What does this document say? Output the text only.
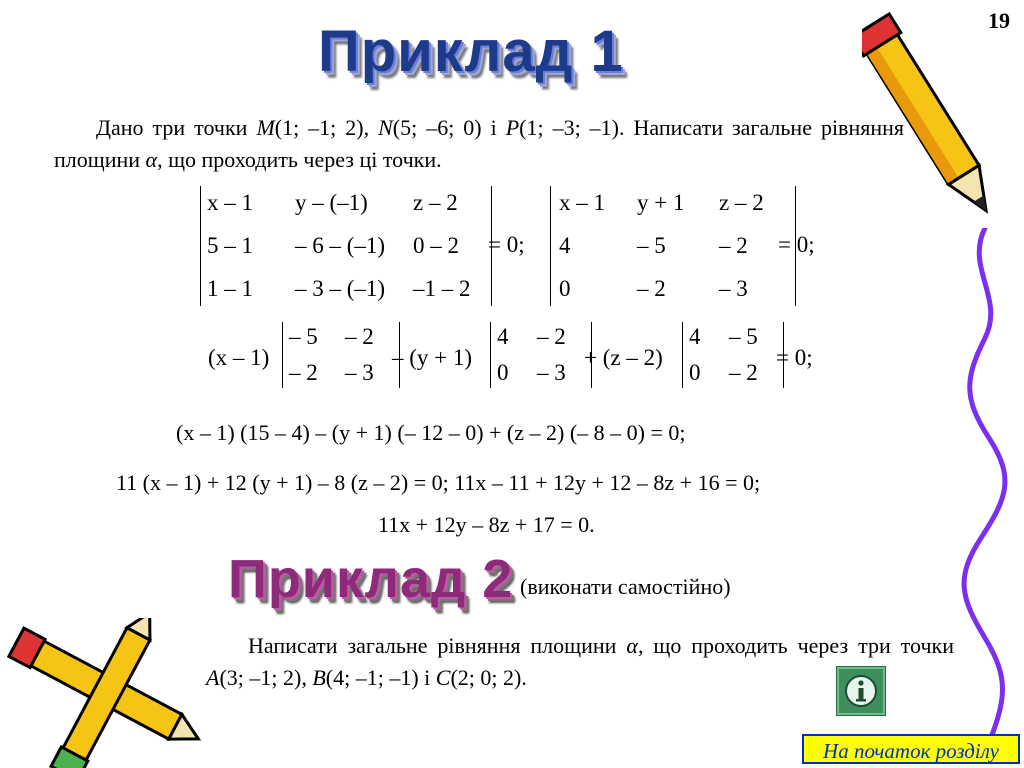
19
Приклад 1
Дано три точки M(1; –1; 2), N(5; –6; 0) і P(1; –3; –1). Написати загальне рівняння площини α, що проходить через ці точки.
x – 1	y – (–1)	z – 2
5 – 1	– 6 – (–1)	0 – 2
1 – 1	– 3 – (–1)	–1 – 2
= 0;
x – 1	y + 1	z – 2
4	– 5	– 2
0	– 2	– 3
= 0;
(x – 1)
– 5	– 2
– 2	– 3
– (y + 1)
4	– 2
0	– 3
+ (z – 2)
4	– 5
0	– 2
= 0;
(x – 1) (15 – 4) – (y + 1) (– 12 – 0) + (z – 2) (– 8 – 0) = 0;
11 (x – 1) + 12 (y + 1) – 8 (z – 2) = 0; 11x – 11 + 12y + 12 – 8z + 16 = 0;
11x + 12y – 8z + 17 = 0.
Приклад 2 (виконати самостійно)
Написати загальне рівняння площини α, що проходить через три точки A(3; –1; 2), B(4; –1; –1) і C(2; 0; 2).
На початок розділу
